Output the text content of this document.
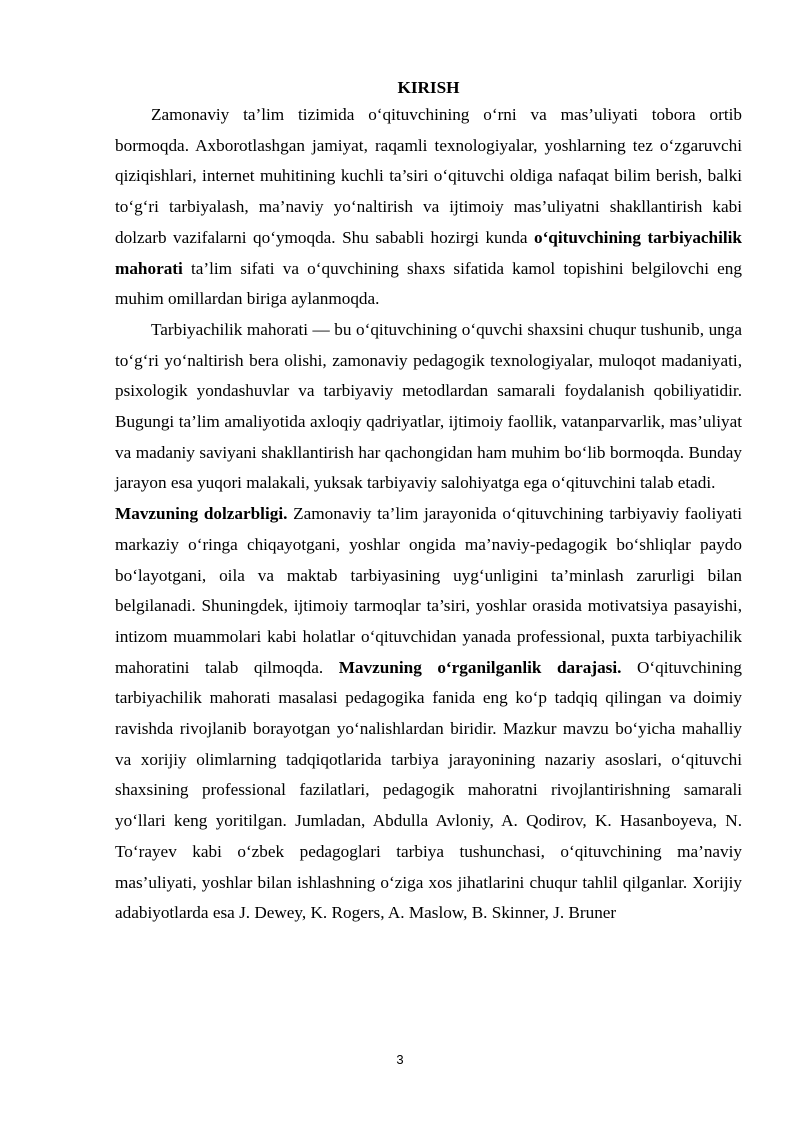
KIRISH

Zamonaviy ta’lim tizimida o‘qituvchining o‘rni va mas’uliyati tobora ortib bormoqda. Axborotlashgan jamiyat, raqamli texnologiyalar, yoshlarning tez o‘zgaruvchi qiziqishlari, internet muhitining kuchli ta’siri o‘qituvchi oldiga nafaqat bilim berish, balki to‘g‘ri tarbiyalash, ma’naviy yo‘naltirish va ijtimoiy mas’uliyatni shakllantirish kabi dolzarb vazifalarni qo‘ymoqda. Shu sababli hozirgi kunda o‘qituvchining tarbiyachilik mahorati ta’lim sifati va o‘quvchining shaxs sifatida kamol topishini belgilovchi eng muhim omillardan biriga aylanmoqda.

Tarbiyachilik mahorati — bu o‘qituvchining o‘quvchi shaxsini chuqur tushunib, unga to‘g‘ri yo‘naltirish bera olishi, zamonaviy pedagogik texnologiyalar, muloqot madaniyati, psixologik yondashuvlar va tarbiyaviy metodlardan samarali foydalanish qobiliyatidir. Bugungi ta’lim amaliyotida axloqiy qadriyatlar, ijtimoiy faollik, vatanparvarlik, mas’uliyat va madaniy saviyani shakllantirish har qachongidan ham muhim bo‘lib bormoqda. Bunday jarayon esa yuqori malakali, yuksak tarbiyaviy salohiyatga ega o‘qituvchini talab etadi.

Mavzuning dolzarbligi. Zamonaviy ta’lim jarayonida o‘qituvchining tarbiyaviy faoliyati markaziy o‘ringa chiqayotgani, yoshlar ongida ma’naviy-pedagogik bo‘shliqlar paydo bo‘layotgani, oila va maktab tarbiyasining uyg‘unligini ta’minlash zarurligi bilan belgilanadi. Shuningdek, ijtimoiy tarmoqlar ta’siri, yoshlar orasida motivatsiya pasayishi, intizom muammolari kabi holatlar o‘qituvchidan yanada professional, puxta tarbiyachilik mahoratini talab qilmoqda. Mavzuning o‘rganilganlik darajasi. O‘qituvchining tarbiyachilik mahorati masalasi pedagogika fanida eng ko‘p tadqiq qilingan va doimiy ravishda rivojlanib borayotgan yo‘nalishlardan biridir. Mazkur mavzu bo‘yicha mahalliy va xorijiy olimlarning tadqiqotlarida tarbiya jarayonining nazariy asoslari, o‘qituvchi shaxsining professional fazilatlari, pedagogik mahoratni rivojlantirishning samarali yo‘llari keng yoritilgan. Jumladan, Abdulla Avloniy, A. Qodirov, K. Hasanboyeva, N. To‘rayev kabi o‘zbek pedagoglari tarbiya tushunchasi, o‘qituvchining ma’naviy mas’uliyati, yoshlar bilan ishlashning o‘ziga xos jihatlarini chuqur tahlil qilganlar. Xorijiy adabiyotlarda esa J. Dewey, K. Rogers, A. Maslow, B. Skinner, J. Bruner

3
